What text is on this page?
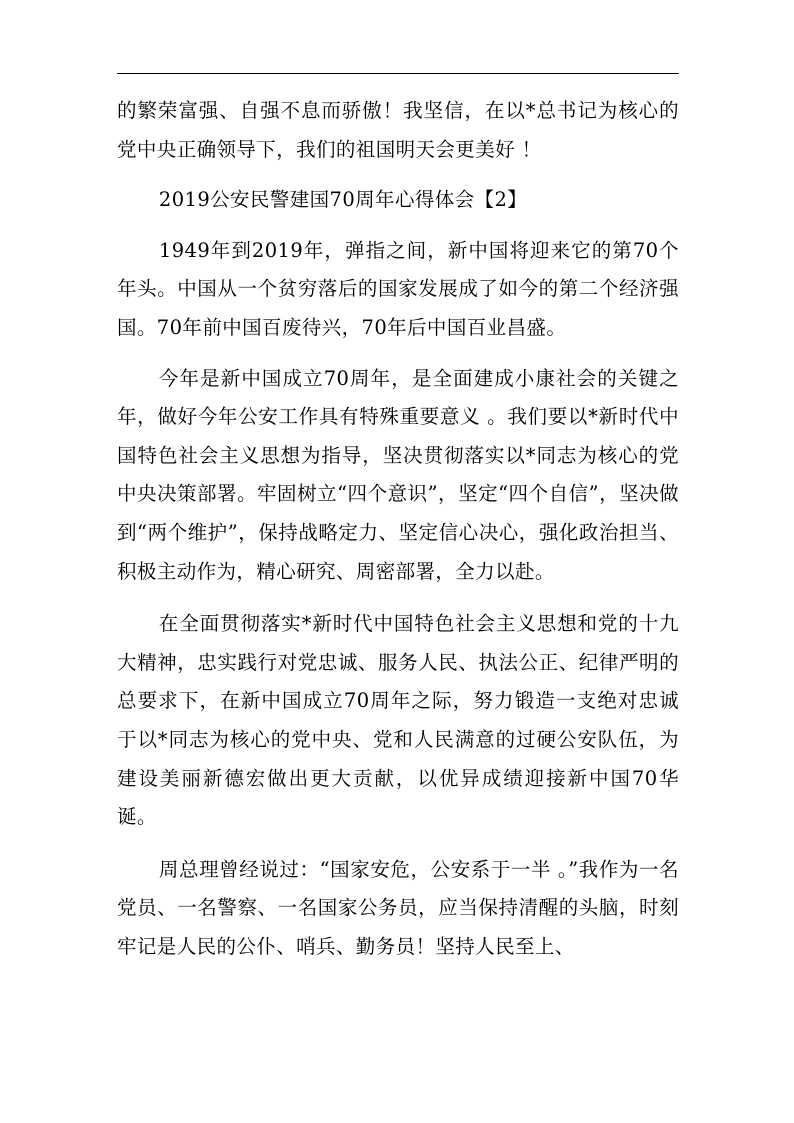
的繁荣富强、自强不息而骄傲！我坚信，在以*总书记为核心的党中央正确领导下，我们的祖国明天会更美好 ！

2019公安民警建国70周年心得体会【2】

1949年到2019年，弹指之间，新中国将迎来它的第70个年头。中国从一个贫穷落后的国家发展成了如今的第二个经济强国。70年前中国百废待兴，70年后中国百业昌盛。

今年是新中国成立70周年，是全面建成小康社会的关键之年，做好今年公安工作具有特殊重要意义 。我们要以*新时代中国特色社会主义思想为指导，坚决贯彻落实以*同志为核心的党中央决策部署。牢固树立“四个意识”，坚定“四个自信”，坚决做到“两个维护”，保持战略定力、坚定信心决心，强化政治担当、积极主动作为，精心研究、周密部署，全力以赴。

在全面贯彻落实*新时代中国特色社会主义思想和党的十九大精神，忠实践行对党忠诚、服务人民、执法公正、纪律严明的总要求下，在新中国成立70周年之际，努力锻造一支绝对忠诚于以*同志为核心的党中央、党和人民满意的过硬公安队伍，为建设美丽新德宏做出更大贡献，以优异成绩迎接新中国70华诞。

周总理曾经说过：“国家安危，公安系于一半 。”我作为一名党员、一名警察、一名国家公务员，应当保持清醒的头脑，时刻牢记是人民的公仆、哨兵、勤务员！坚持人民至上、
